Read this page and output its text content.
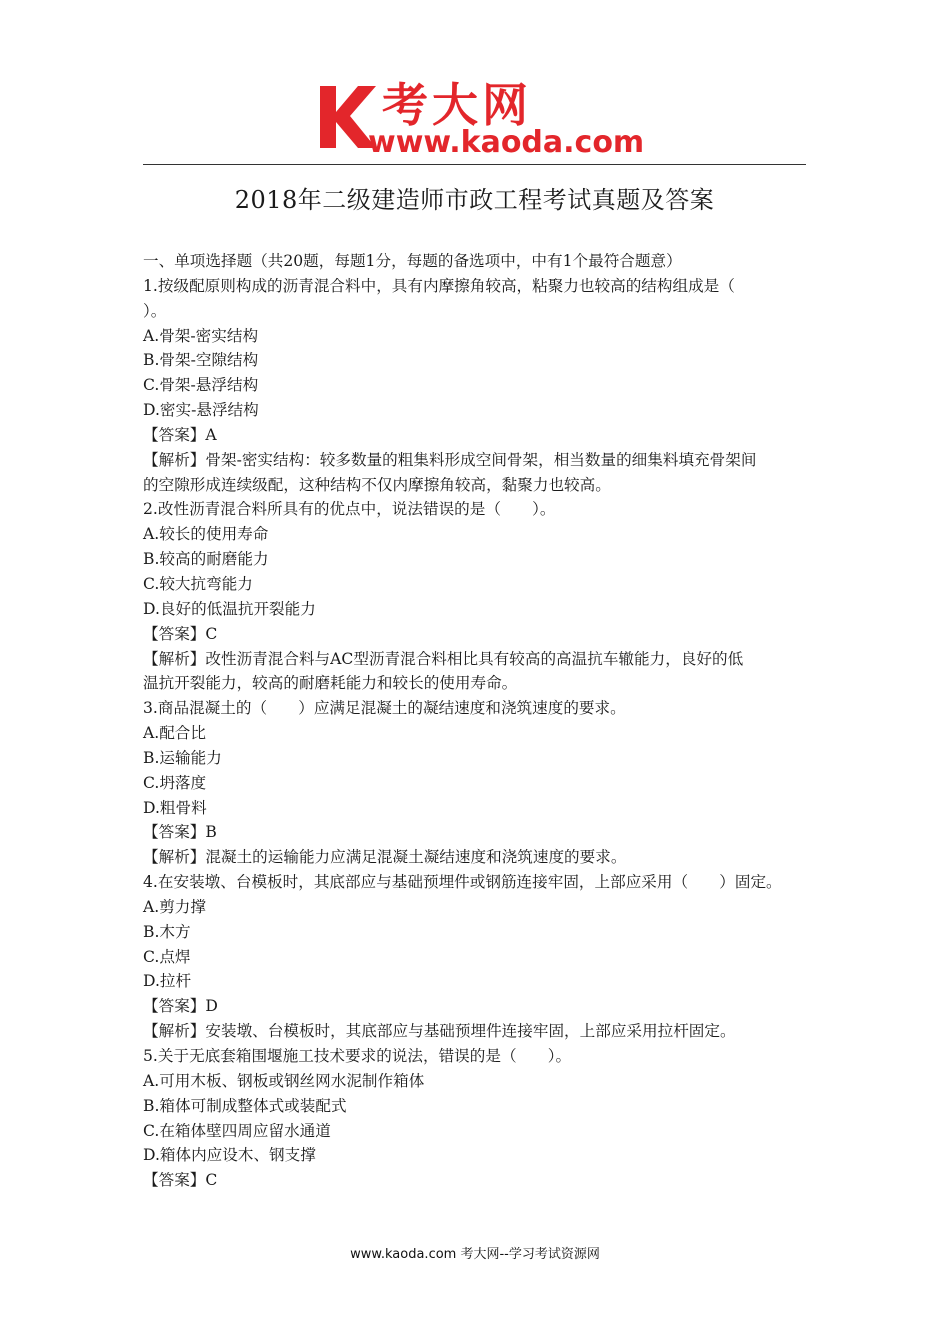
考大网
www.kaoda.com
2018年二级建造师市政工程考试真题及答案
一、单项选择题（共20题，每题1分，每题的备选项中，中有1个最符合题意）
1.按级配原则构成的沥青混合料中，具有内摩擦角较高，粘聚力也较高的结构组成是（
）。
A.骨架-密实结构
B.骨架-空隙结构
C.骨架-悬浮结构
D.密实-悬浮结构
【答案】A
【解析】骨架-密实结构：较多数量的粗集料形成空间骨架，相当数量的细集料填充骨架间
的空隙形成连续级配，这种结构不仅内摩擦角较高，黏聚力也较高。
2.改性沥青混合料所具有的优点中，说法错误的是（　　）。
A.较长的使用寿命
B.较高的耐磨能力
C.较大抗弯能力
D.良好的低温抗开裂能力
【答案】C
【解析】改性沥青混合料与AC型沥青混合料相比具有较高的高温抗车辙能力，良好的低
温抗开裂能力，较高的耐磨耗能力和较长的使用寿命。
3.商品混凝土的（　　）应满足混凝土的凝结速度和浇筑速度的要求。
A.配合比
B.运输能力
C.坍落度
D.粗骨料
【答案】B
【解析】混凝土的运输能力应满足混凝土凝结速度和浇筑速度的要求。
4.在安装墩、台模板时，其底部应与基础预埋件或钢筋连接牢固，上部应采用（　　）固定。
A.剪力撑
B.木方
C.点焊
D.拉杆
【答案】D
【解析】安装墩、台模板时，其底部应与基础预埋件连接牢固，上部应采用拉杆固定。
5.关于无底套箱围堰施工技术要求的说法，错误的是（　　）。
A.可用木板、钢板或钢丝网水泥制作箱体
B.箱体可制成整体式或装配式
C.在箱体壁四周应留水通道
D.箱体内应设木、钢支撑
【答案】C
www.kaoda.com 考大网--学习考试资源网
